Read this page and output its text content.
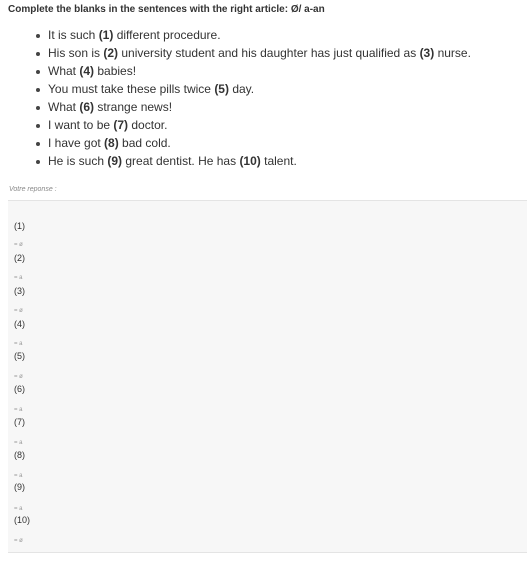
Complete the blanks in the sentences with the right article: Ø/ a-an
It is such (1) different procedure.
His son is (2) university student and his daughter has just qualified as (3) nurse.
What (4) babies!
You must take these pills twice (5) day.
What (6) strange news!
I want to be (7) doctor.
I have got (8) bad cold.
He is such (9) great dentist. He has (10) talent.
Votre reponse :
(1)
= ø
(2)
= a
(3)
= ø
(4)
= a
(5)
= ø
(6)
= a
(7)
= a
(8)
= a
(9)
= a
(10)
= ø
